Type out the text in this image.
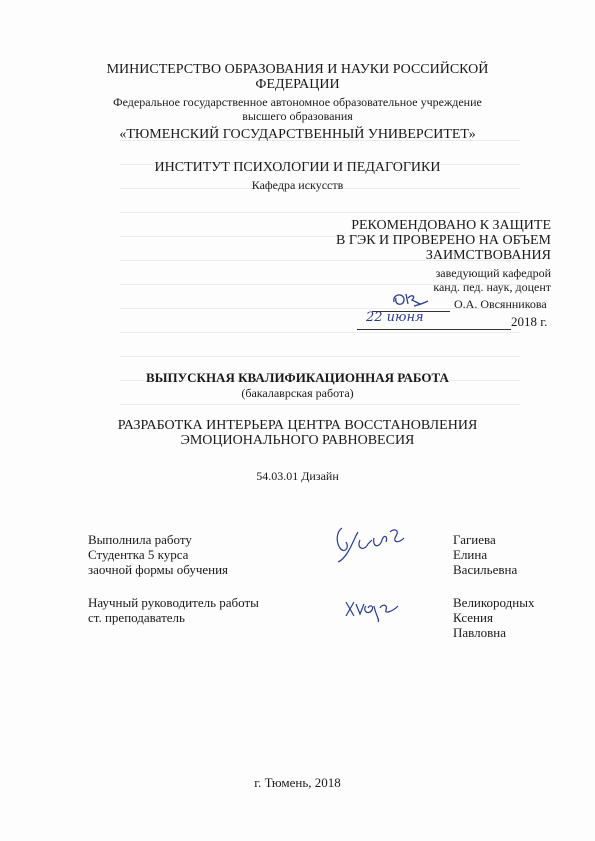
МИНИСТЕРСТВО ОБРАЗОВАНИЯ И НАУКИ РОССИЙСКОЙ
ФЕДЕРАЦИИ
Федеральное государственное автономное образовательное учреждение
высшего образования
«ТЮМЕНСКИЙ ГОСУДАРСТВЕННЫЙ УНИВЕРСИТЕТ»
ИНСТИТУТ ПСИХОЛОГИИ И ПЕДАГОГИКИ
Кафедра искусств
РЕКОМЕНДОВАНО К ЗАЩИТЕ
В ГЭК И ПРОВЕРЕНО НА ОБЪЕМ
ЗАИМСТВОВАНИЯ
заведующий кафедрой
канд. пед. наук, доцент
О.А. Овсянникова
22 июня	2018 г.
ВЫПУСКНАЯ КВАЛИФИКАЦИОННАЯ РАБОТА
(бакалаврская работа)
РАЗРАБОТКА ИНТЕРЬЕРА ЦЕНТРА ВОССТАНОВЛЕНИЯ
ЭМОЦИОНАЛЬНОГО РАВНОВЕСИЯ
54.03.01 Дизайн
Выполнила работу
Студентка 5 курса
заочной формы обучения
Гагиева
Елина
Васильевна
Научный руководитель работы
ст. преподаватель
Великородных
Ксения
Павловна
г. Тюмень, 2018
